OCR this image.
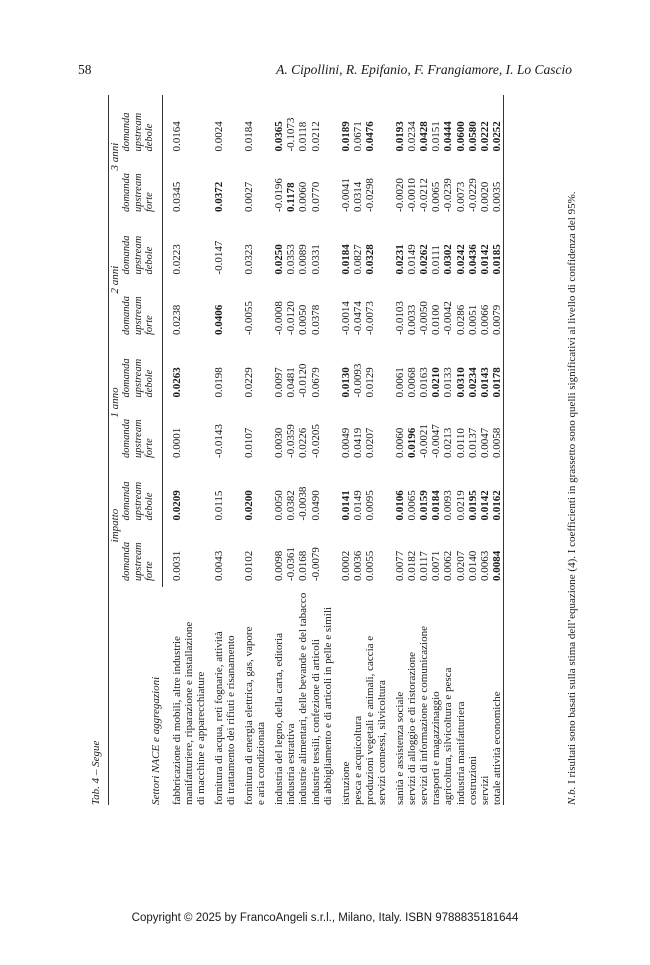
58	A. Cipollini, R. Epifanio, F. Frangiamore, I. Lo Cascio
Tab. 4 – Segue	Settori NACE e aggregazioni	impatto		1 anno		2 anni		3 anni	
	domanda upstream forte	domanda upstream debole	domanda upstream forte	domanda upstream debole	domanda upstream forte	domanda upstream debole	domanda upstream forte	domanda upstream debole

fabbricazione di mobili, altre industrie	0.0031	0.0209	0.0001	0.0263	0.0238	0.0223	0.0345	0.0164
manifatturiere, riparazione e installazione								
di macchine e apparecchiature								
fornitura di acqua, reti fognarie, attività	0.0043	0.0115	-0.0143	0.0198	0.0406	-0.0147	0.0372	0.0024
di trattamento dei rifiuti e risanamento								
fornitura di energia elettrica, gas, vapore	0.0102	0.0200	0.0107	0.0229	-0.0055	0.0323	0.0027	0.0184
e aria condizionata								
industria del legno, della carta, editoria	0.0098	0.0050	0.0030	0.0097	-0.0008	0.0250	-0.0196	0.0365
industria estrattiva	-0.0361	0.0382	-0.0359	0.0481	-0.0120	0.0353	0.1178	-0.1073
industrie alimentari, delle bevande e del tabacco	0.0168	-0.0038	0.0226	-0.0120	0.0050	0.0089	0.0060	0.0118
industrie tessili, confezione di articoli	-0.0079	0.0490	-0.0205	0.0679	0.0378	0.0331	0.0770	0.0212
di abbigliamento e di articoli in pelle e simili								
istruzione	0.0002	0.0141	0.0049	0.0130	-0.0014	0.0184	-0.0041	0.0189
pesca e acquicoltura	0.0036	0.0149	0.0419	-0.0093	-0.0474	0.0827	0.0314	0.0671
produzioni vegetali e animali, caccia e	0.0055	0.0095	0.0207	0.0129	-0.0073	0.0328	-0.0298	0.0476
servizi connessi, silvicoltura								
sanità e assistenza sociale	0.0077	0.0106	0.0060	0.0061	-0.0103	0.0231	-0.0020	0.0193
servizi di alloggio e di ristorazione	0.0182	0.0065	0.0196	0.0068	0.0033	0.0149	-0.0010	0.0234
servizi di informazione e comunicazione	0.0117	0.0159	-0.0021	0.0163	-0.0050	0.0262	-0.0212	0.0428
trasporti e magazzinaggio	0.0071	0.0184	-0.0047	0.0210	0.0100	0.0111	0.0065	0.0151
agricoltura, silvicoltura e pesca	0.0062	0.0093	0.0213	0.0133	-0.0042	0.0302	-0.0239	0.0444
industria manifatturiera	0.0207	0.0219	0.0110	0.0310	0.0286	0.0242	0.0073	0.0600
costruzioni	0.0140	0.0195	0.0137	0.0234	0.0051	0.0436	-0.0229	0.0580
servizi	0.0063	0.0142	0.0047	0.0143	0.0066	0.0142	0.0020	0.0222
totale attività economiche	0.0084	0.0162	0.0058	0.0178	0.0079	0.0185	0.0035	0.0252
N.b. I risultati sono basati sulla stima dell’equazione (4). I coefficienti in grassetto sono quelli significativi al livello di confidenza del 95%.
Copyright © 2025 by FrancoAngeli s.r.l., Milano, Italy. ISBN 9788835181644
